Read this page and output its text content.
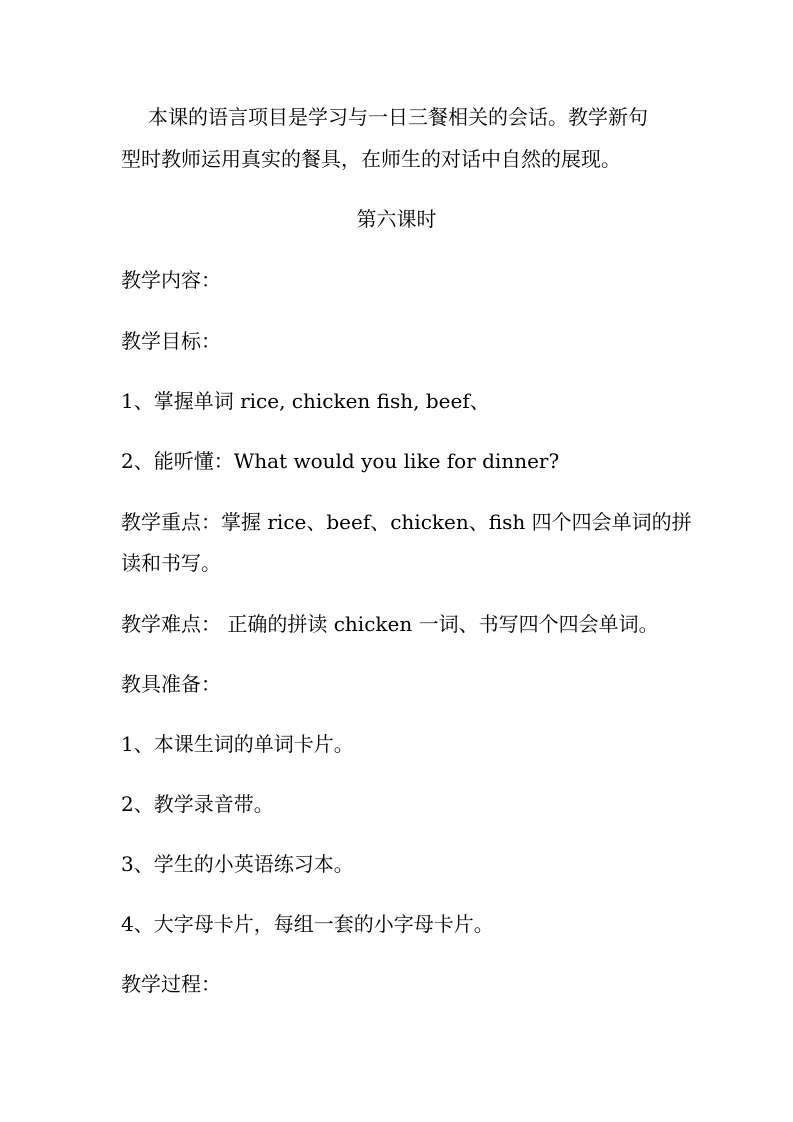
本课的语言项目是学习与一日三餐相关的会话。教学新句

型时教师运用真实的餐具，在师生的对话中自然的展现。

第六课时

教学内容：

教学目标：

1、掌握单词 rice, chicken fish, beef、

2、能听懂：What would you like for dinner?

教学重点：掌握 rice、beef、chicken、fish 四个四会单词的拼

读和书写。

教学难点： 正确的拼读 chicken 一词、书写四个四会单词。

教具准备：

1、本课生词的单词卡片。

2、教学录音带。

3、学生的小英语练习本。

4、大字母卡片，每组一套的小字母卡片。

教学过程：
